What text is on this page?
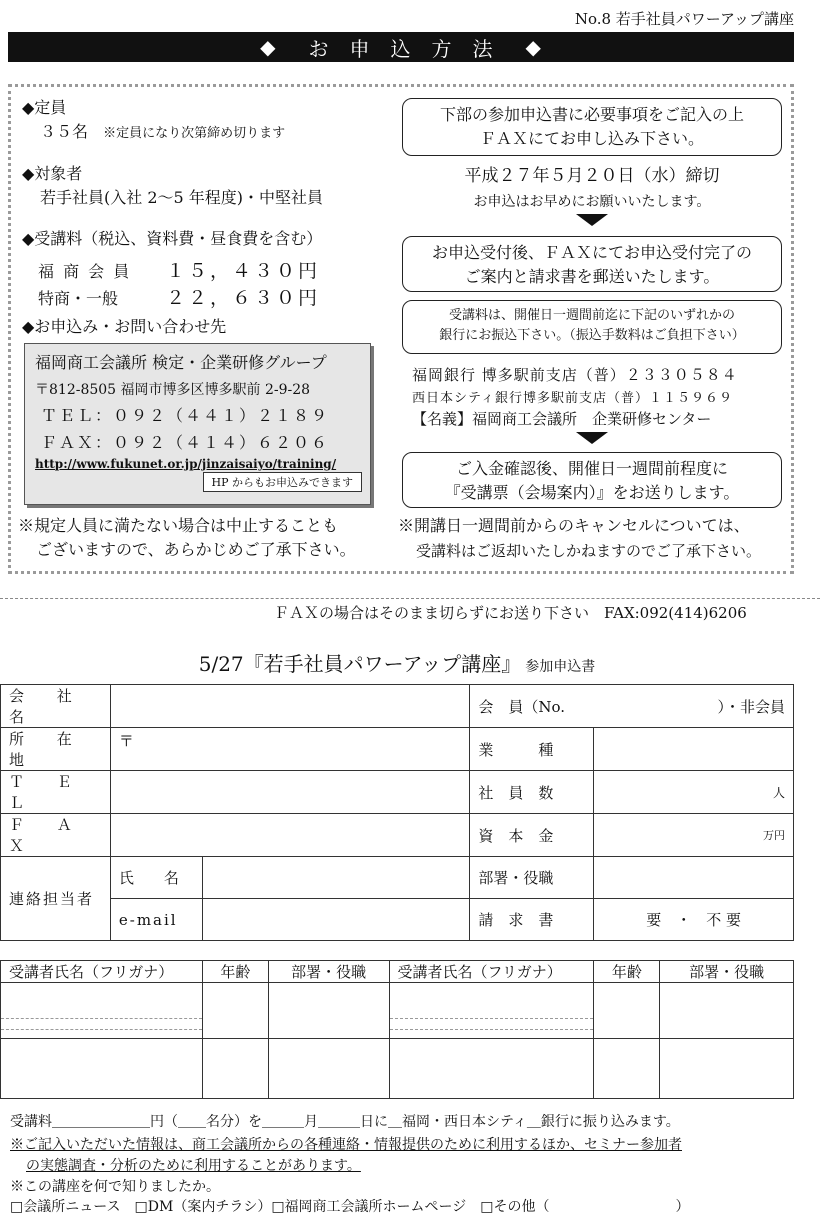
No.8 若手社員パワーアップ講座
◆ お 申 込 方 法 ◆
◆定員
３５名 ※定員になり次第締め切ります
◆対象者
若手社員(入社 2〜5 年程度)・中堅社員
◆受講料（税込、資料費・昼食費を含む）
福 商 会 員 １５，４３０円
特商・一般	２２，６３０円
◆お申込み・お問い合わせ先
福岡商工会議所 検定・企業研修グループ
〒812-8505 福岡市博多区博多駅前 2-9-28
ＴＥＬ：０９２（４４１）２１８９
ＦＡＸ：０９２（４１４）６２０６
http://www.fukunet.or.jp/jinzaisaiyo/training/
HP からもお申込みできます
※規定人員に満たない場合は中止することも
ございますので、あらかじめご了承下さい。
下部の参加申込書に必要事項をご記入の上
ＦＡＸにてお申し込み下さい。
平成２７年５月２０日（水）締切
お申込はお早めにお願いいたします。
お申込受付後、ＦＡＸにてお申込受付完了の
ご案内と請求書を郵送いたします。
受講料は、開催日一週間前迄に下記のいずれかの
銀行にお振込下さい。（振込手数料はご負担下さい）
福岡銀行 博多駅前支店（普）２３３０５８４
西日本シティ銀行博多駅前支店（普）１１５９６９
【名義】福岡商工会議所　企業研修センター
ご入金確認後、開催日一週間前程度に
『受講票（会場案内）』をお送りします。
※開講日一週間前からのキャンセルについては、
受講料はご返却いたしかねますのでご了承下さい。
ＦＡＸの場合はそのまま切らずにお送り下さい　FAX:092(414)6206
5/27『若手社員パワーアップ講座』 参加申込書
会 社 名			会　員（No. ）・非会員	

所 在 地	〒		業　　　種	
Ｔ Ｅ Ｌ			社　員　数	人
Ｆ Ａ Ｘ			資　本　金	万円
連絡担当者	氏　　名		部署・役職	
	e-mail		請　求　書	要　・　不 要
受講者氏名（フリガナ）	年齢	部署・役職	受講者氏名（フリガナ）	年齢	部署・役職

受講料＿＿＿＿＿＿＿円（＿＿名分）を＿＿＿月＿＿＿日に＿福岡・西日本シティ＿銀行に振り込みます。
※ご記入いただいた情報は、商工会議所からの各種連絡・情報提供のために利用するほか、セミナー参加者
の実態調査・分析のために利用することがあります。
※この講座を何で知りましたか。
□会議所ニュース　□DM（案内チラシ）□福岡商工会議所ホームページ　□その他（　　　　　　　　　）
